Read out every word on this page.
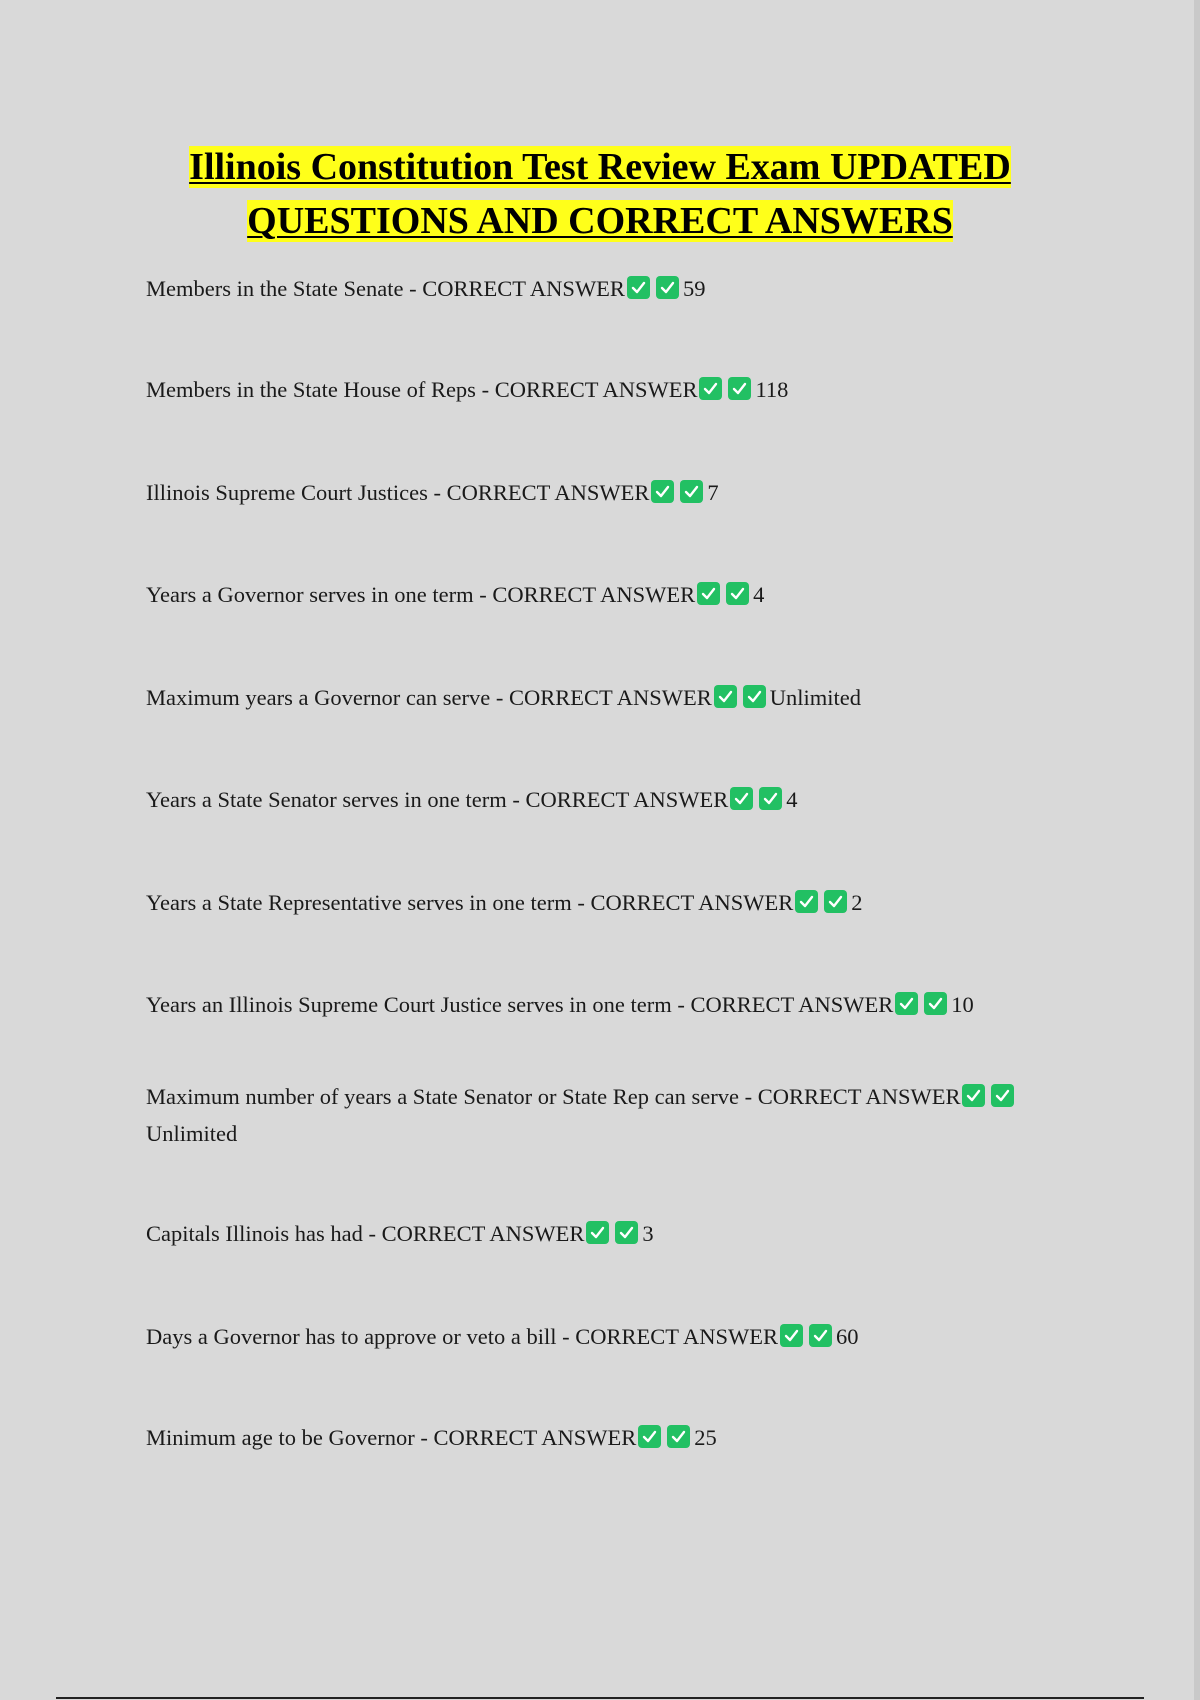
Illinois Constitution Test Review Exam UPDATED
QUESTIONS AND CORRECT ANSWERS
Members in the State Senate - CORRECT ANSWER	59
Members in the State House of Reps - CORRECT ANSWER	118
Illinois Supreme Court Justices - CORRECT ANSWER	7
Years a Governor serves in one term - CORRECT ANSWER	4
Maximum years a Governor can serve - CORRECT ANSWER	Unlimited
Years a State Senator serves in one term - CORRECT ANSWER	4
Years a State Representative serves in one term - CORRECT ANSWER	2
Years an Illinois Supreme Court Justice serves in one term - CORRECT ANSWER	10
Maximum number of years a State Senator or State Rep can serve - CORRECT ANSWER
Unlimited
Capitals Illinois has had - CORRECT ANSWER	3
Days a Governor has to approve or veto a bill - CORRECT ANSWER	60
Minimum age to be Governor - CORRECT ANSWER	25
